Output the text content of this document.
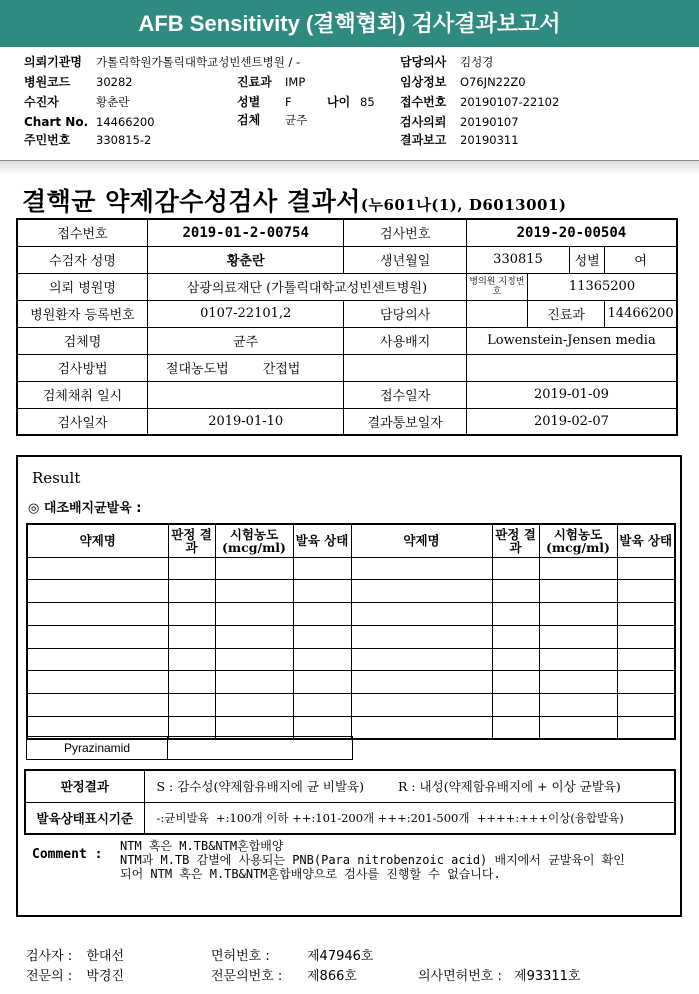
AFB Sensitivity (결핵협회) 검사결과보고서
의뢰기관명 가톨릭학원가톨릭대학교성빈센트병원 / -	담당의사 김성경
병원코드 30282	진료과 IMP	임상정보 O76JN22Z0
수진자	황춘란	성별 F	나이 85 접수번호 20190107-22102
Chart No. 14466200	검체 균주	검사의뢰 20190107
주민번호 330815-2	결과보고 20190311
결핵균 약제감수성검사 결과서(누601나(1), D6013001)
접수번호	2019-01-2-00754	검사번호	2019-20-00504			
수검자 성명	황춘란	생년월일	330815		성별	여
의뢰 병원명	삼광의료재단 (가톨릭대학교성빈센트병원)		병의원 지정번호	11365200		
병원환자 등록번호	0107-22101,2	담당의사		진료과		14466200
검체명	균주	사용배지	Lowenstein-Jensen media			
검사방법	절대농도법 간접법					
검체채취 일시		접수일자	2019-01-09			
검사일자	2019-01-10	결과통보일자	2019-02-07			
Result
◎ 대조배지균발육 :
약제명	판정 결과	시험농도 (mcg/ml)	발육 상태	약제명	판정 결과	시험농도 (mcg/ml)	발육 상태

Pyrazinamid	
판정결과	S : 감수성(약제함유배지에 균 비발육) R : 내성(약제함유배지에 + 이상 균발육)
발육상태표시기준	-:균비발육  +:100개 이하 ++:101-200개 +++:201-500개  ++++:+++이상(융합발육)
Comment :
NTM 혹은 M.TB&NTM혼합배양
NTM과 M.TB 감별에 사용되는 PNB(Para nitrobenzoic acid) 배지에서 균발육이 확인
되어 NTM 혹은 M.TB&NTM혼합배양으로 검사를 진행할 수 없습니다.
검사자 : 한대선	면허번호 :	제47946호
전문의 : 박경진	전문의번호 : 제866호	의사면허번호 : 제93311호
